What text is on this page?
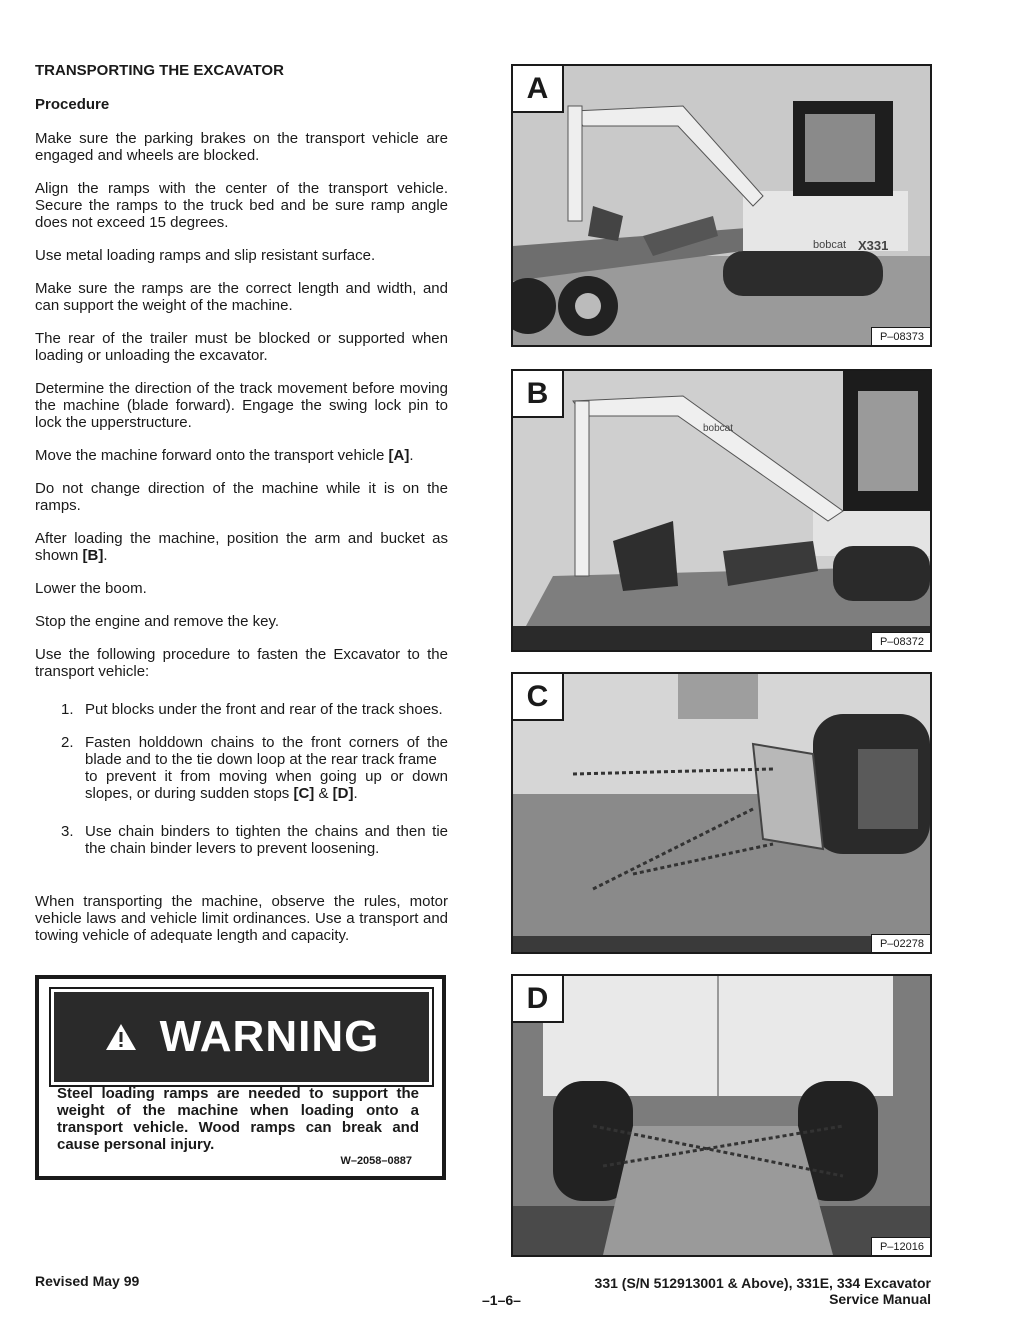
TRANSPORTING THE EXCAVATOR
Procedure

Make sure the parking brakes on the transport vehicle are engaged and wheels are blocked.

Align the ramps with the center of the transport vehicle. Secure the ramps to the truck bed and be sure ramp angle does not exceed 15 degrees.

Use metal loading ramps and slip resistant surface.

Make sure the ramps are the correct length and width, and can support the weight of the machine.

The rear of the trailer must be blocked or supported when loading or unloading the excavator.

Determine the direction of the track movement before moving the machine (blade forward). Engage the swing lock pin to lock the upperstructure.

Move the machine forward onto the transport vehicle [A].

Do not change direction of the machine while it is on the ramps.

After loading the machine, position the arm and bucket as shown [B].

Lower the boom.

Stop the engine and remove the key.

Use the following procedure to fasten the Excavator to the transport vehicle:

1. Put blocks under the front and rear of the track shoes.
2. Fasten holddown chains to the front corners of the blade and to the tie down loop at the rear track frame
to prevent it from moving when going up or down slopes, or during sudden stops [C] & [D].
3. Use chain binders to tighten the chains and then tie the chain binder levers to prevent loosening.

When transporting the machine, observe the rules, motor vehicle laws and vehicle limit ordinances. Use a transport and towing vehicle of adequate length and capacity.

WARNING
Steel loading ramps are needed to support the weight of the machine when loading onto a transport vehicle. Wood ramps can break and cause personal injury.
W–2058–0887
bobcat X331
A
P–08373
bobcat
B
P–08372
C
P–02278
D
P–12016
Revised May 99
–1–6–
331 (S/N 512913001 & Above), 331E, 334 Excavator
Service Manual
